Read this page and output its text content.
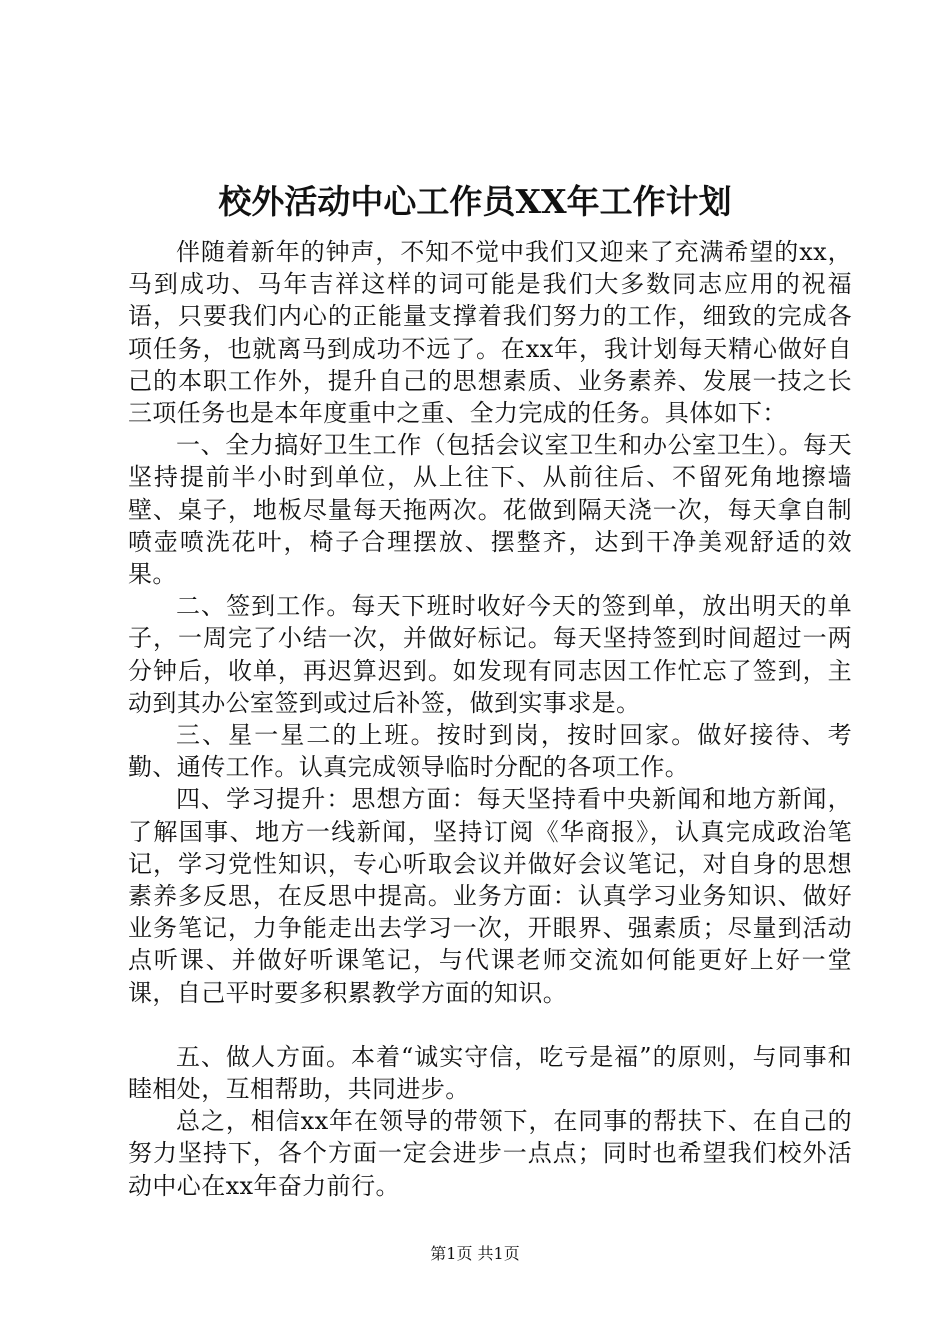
校外活动中心工作员XX年工作计划

伴随着新年的钟声，不知不觉中我们又迎来了充满希望的xx，马到成功、马年吉祥这样的词可能是我们大多数同志应用的祝福语，只要我们内心的正能量支撑着我们努力的工作，细致的完成各项任务，也就离马到成功不远了。在xx年，我计划每天精心做好自己的本职工作外，提升自己的思想素质、业务素养、发展一技之长三项任务也是本年度重中之重、全力完成的任务。具体如下：

一、全力搞好卫生工作（包括会议室卫生和办公室卫生）。每天坚持提前半小时到单位，从上往下、从前往后、不留死角地擦墙壁、桌子，地板尽量每天拖两次。花做到隔天浇一次，每天拿自制喷壶喷洗花叶，椅子合理摆放、摆整齐，达到干净美观舒适的效果。

二、签到工作。每天下班时收好今天的签到单，放出明天的单子，一周完了小结一次，并做好标记。每天坚持签到时间超过一两分钟后，收单，再迟算迟到。如发现有同志因工作忙忘了签到，主动到其办公室签到或过后补签，做到实事求是。

三、星一星二的上班。按时到岗，按时回家。做好接待、考勤、通传工作。认真完成领导临时分配的各项工作。

四、学习提升：思想方面：每天坚持看中央新闻和地方新闻，了解国事、地方一线新闻，坚持订阅《华商报》，认真完成政治笔记，学习党性知识，专心听取会议并做好会议笔记，对自身的思想素养多反思，在反思中提高。业务方面：认真学习业务知识、做好业务笔记，力争能走出去学习一次，开眼界、强素质；尽量到活动点听课、并做好听课笔记，与代课老师交流如何能更好上好一堂课，自己平时要多积累教学方面的知识。

五、做人方面。本着“诚实守信，吃亏是福”的原则，与同事和睦相处，互相帮助，共同进步。

总之，相信xx年在领导的带领下，在同事的帮扶下、在自己的努力坚持下，各个方面一定会进步一点点；同时也希望我们校外活动中心在xx年奋力前行。

第1页 共1页
